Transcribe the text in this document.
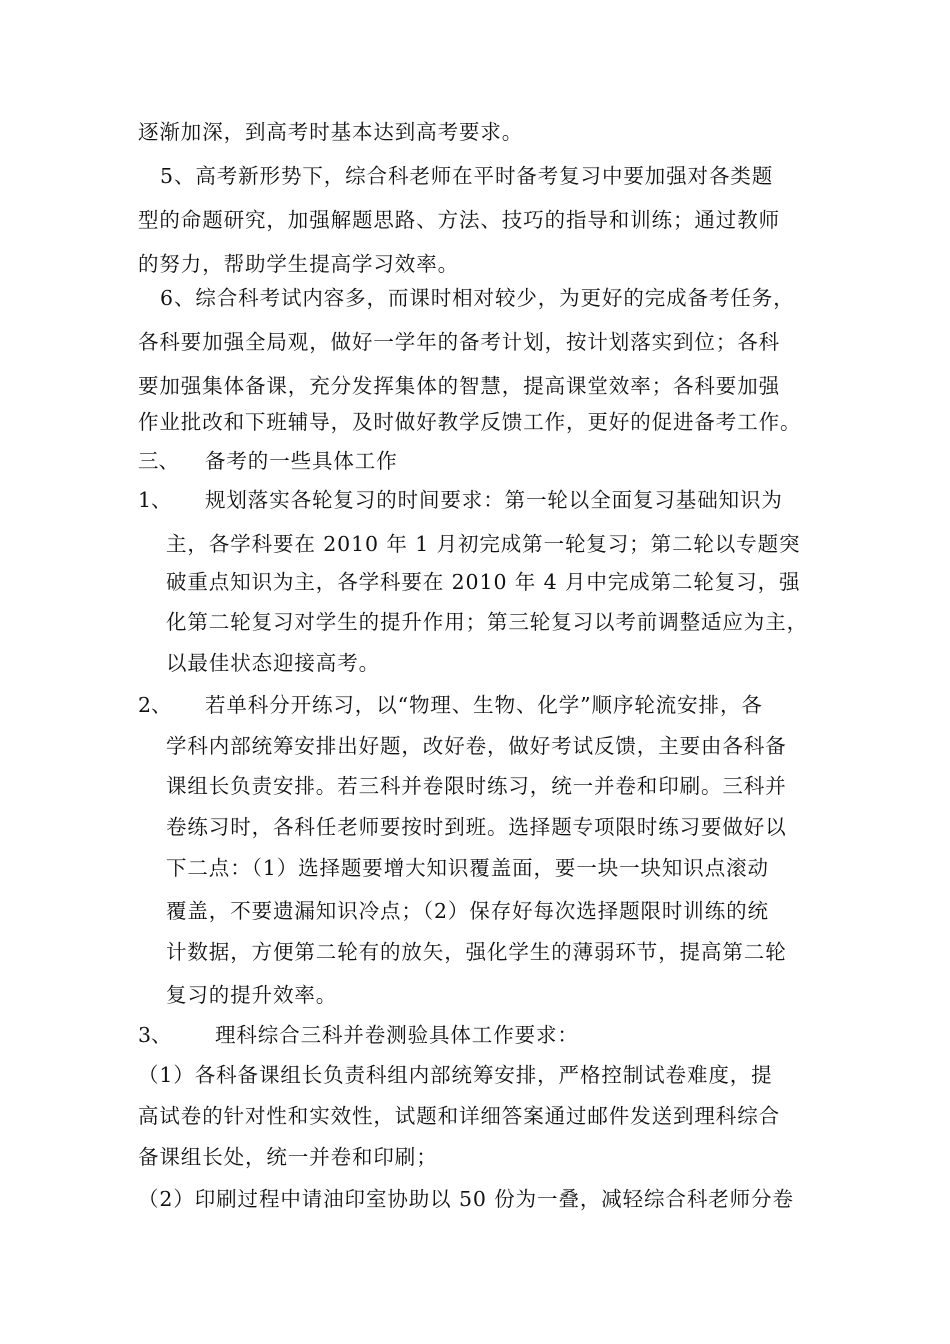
逐渐加深，到高考时基本达到高考要求。
5、高考新形势下，综合科老师在平时备考复习中要加强对各类题
型的命题研究，加强解题思路、方法、技巧的指导和训练；通过教师
的努力，帮助学生提高学习效率。
6、综合科考试内容多，而课时相对较少，为更好的完成备考任务，
各科要加强全局观，做好一学年的备考计划，按计划落实到位；各科
要加强集体备课，充分发挥集体的智慧，提高课堂效率；各科要加强
作业批改和下班辅导，及时做好教学反馈工作，更好的促进备考工作。
三、 备考的一些具体工作
1、 规划落实各轮复习的时间要求：第一轮以全面复习基础知识为
主，各学科要在 2010 年 1 月初完成第一轮复习；第二轮以专题突
破重点知识为主，各学科要在 2010 年 4 月中完成第二轮复习，强
化第二轮复习对学生的提升作用；第三轮复习以考前调整适应为主，
以最佳状态迎接高考。
2、 若单科分开练习，以“物理、生物、化学”顺序轮流安排，各
学科内部统筹安排出好题，改好卷，做好考试反馈，主要由各科备
课组长负责安排。若三科并卷限时练习，统一并卷和印刷。三科并
卷练习时，各科任老师要按时到班。选择题专项限时练习要做好以
下二点：（1）选择题要增大知识覆盖面，要一块一块知识点滚动
覆盖，不要遗漏知识冷点；（2）保存好每次选择题限时训练的统
计数据，方便第二轮有的放矢，强化学生的薄弱环节，提高第二轮
复习的提升效率。
3、 理科综合三科并卷测验具体工作要求：
（1）各科备课组长负责科组内部统筹安排，严格控制试卷难度，提
高试卷的针对性和实效性，试题和详细答案通过邮件发送到理科综合
备课组长处，统一并卷和印刷；
（2）印刷过程中请油印室协助以 50 份为一叠，减轻综合科老师分卷
